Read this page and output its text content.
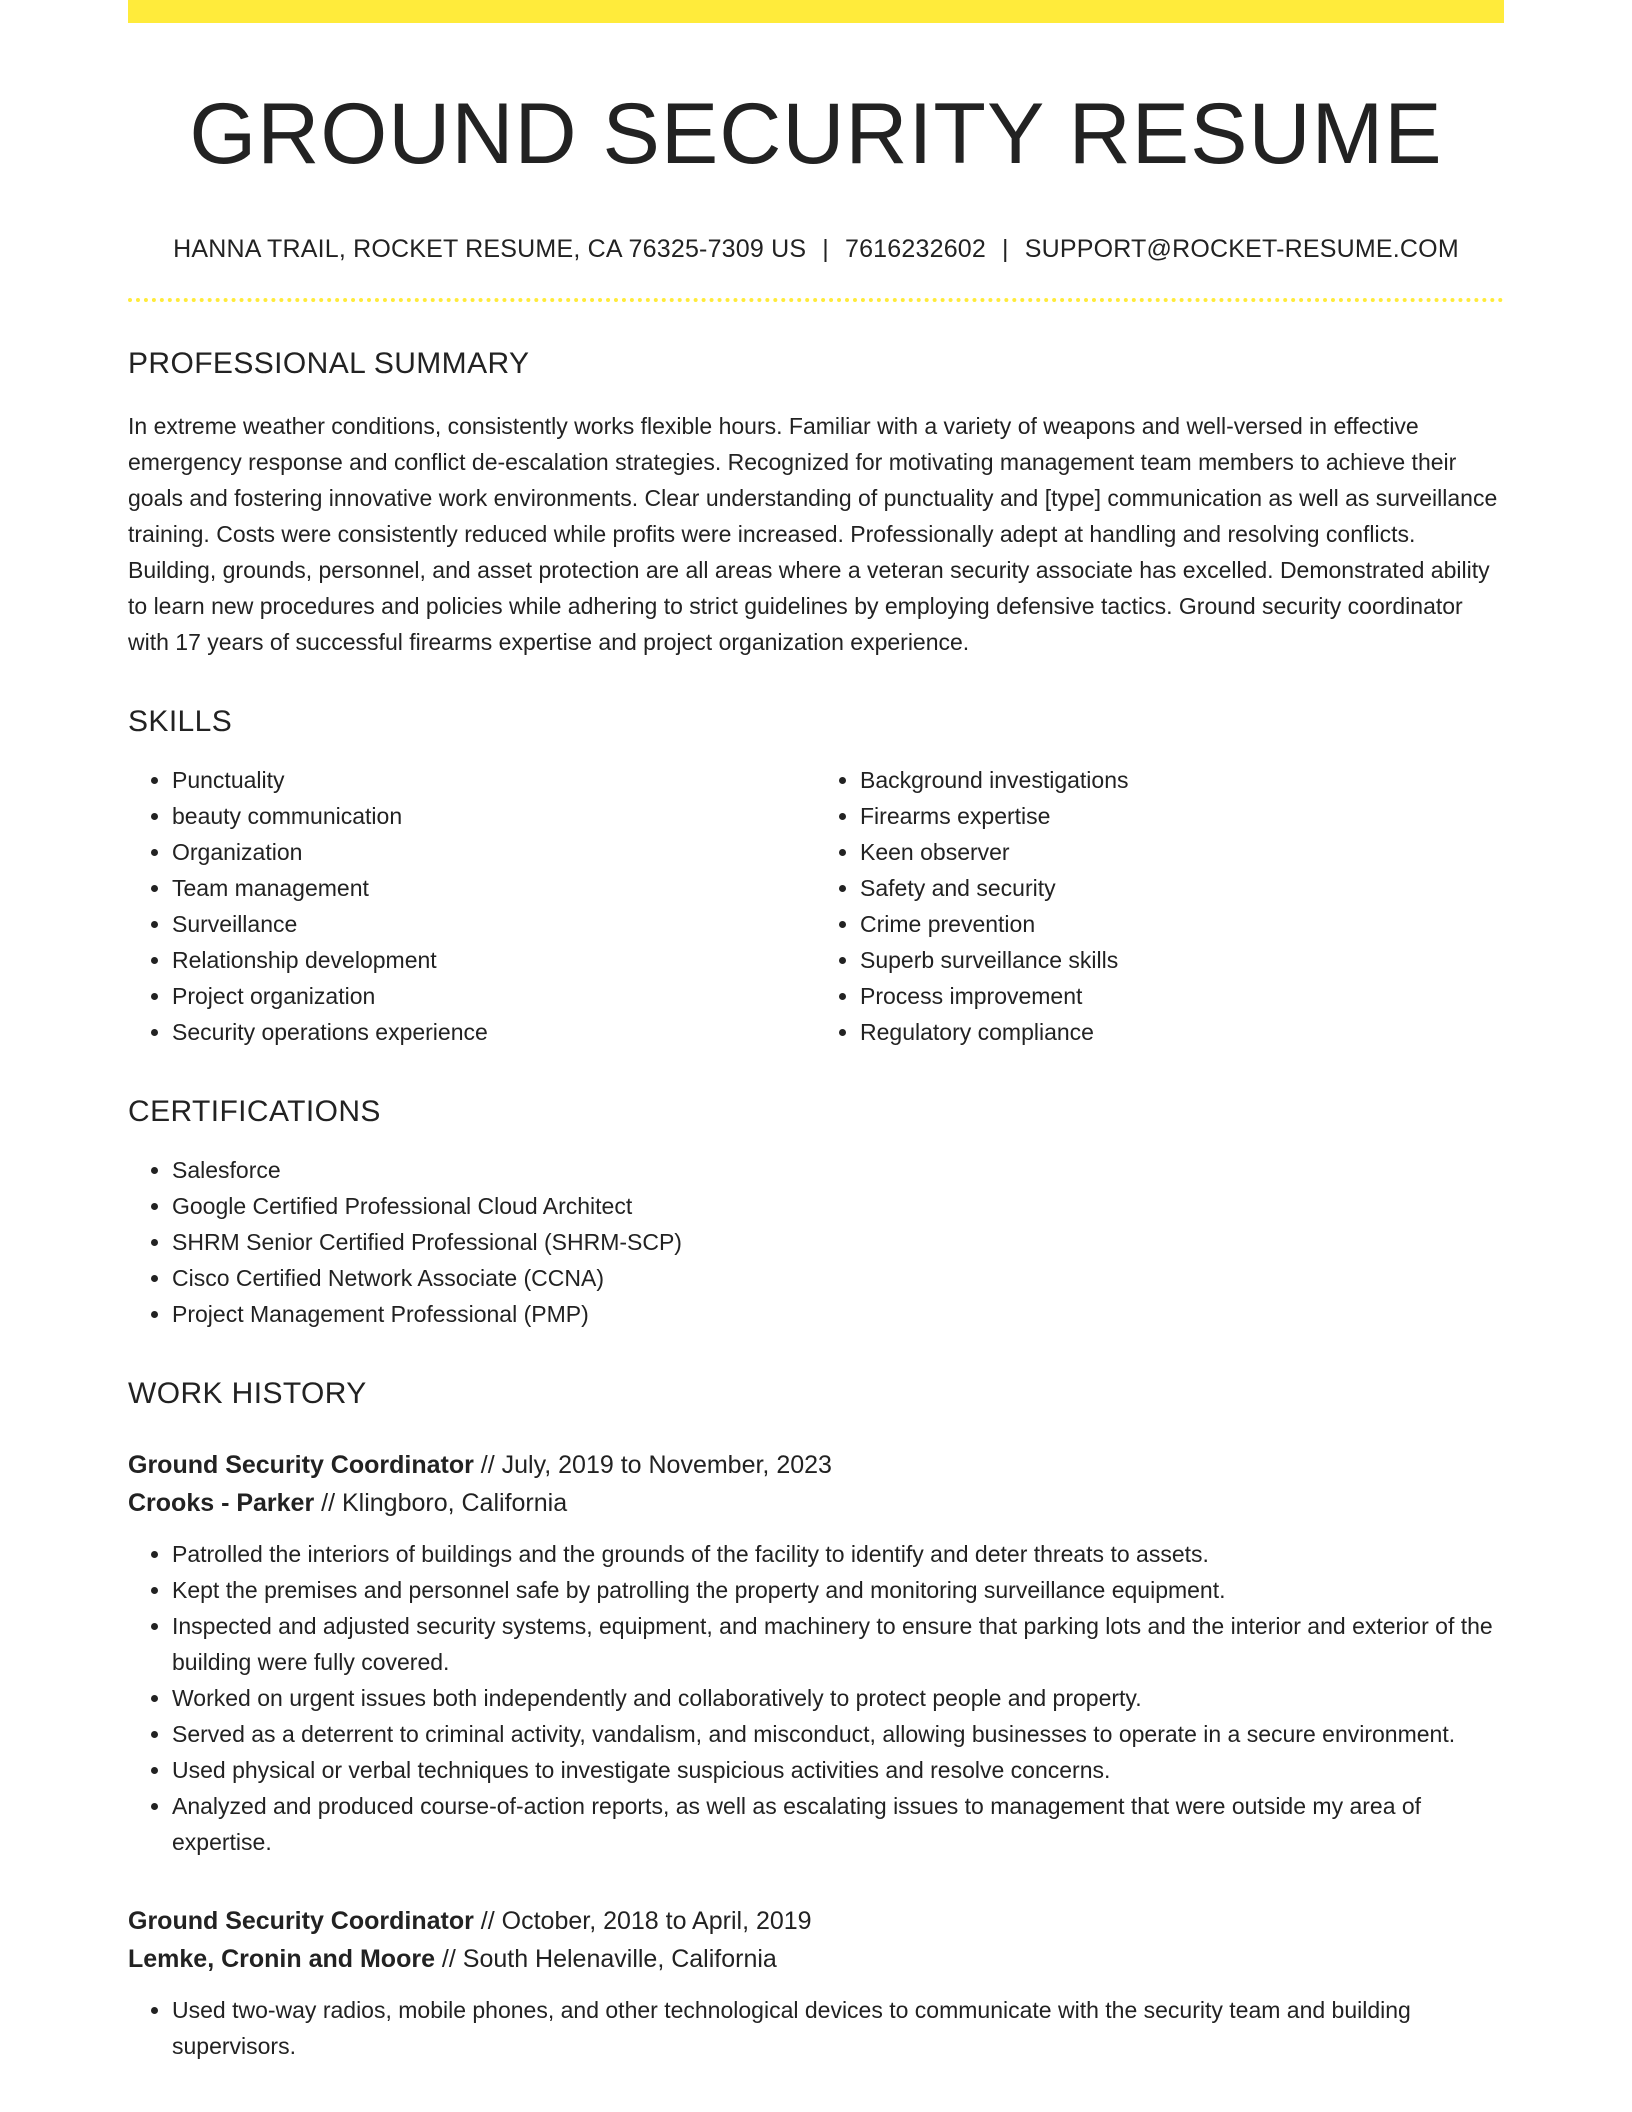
GROUND SECURITY RESUME
HANNA TRAIL, ROCKET RESUME, CA 76325-7309 US | 7616232602 | SUPPORT@ROCKET-RESUME.COM
PROFESSIONAL SUMMARY

In extreme weather conditions, consistently works flexible hours. Familiar with a variety of weapons and well-versed in effective emergency response and conflict de-escalation strategies. Recognized for motivating management team members to achieve their goals and fostering innovative work environments. Clear understanding of punctuality and [type] communication as well as surveillance training. Costs were consistently reduced while profits were increased. Professionally adept at handling and resolving conflicts. Building, grounds, personnel, and asset protection are all areas where a veteran security associate has excelled. Demonstrated ability to learn new procedures and policies while adhering to strict guidelines by employing defensive tactics. Ground security coordinator with 17 years of successful firearms expertise and project organization experience.

SKILLS
• Punctuality
• beauty communication
• Organization
• Team management
• Surveillance
• Relationship development
• Project organization
• Security operations experience
• Background investigations
• Firearms expertise
• Keen observer
• Safety and security
• Crime prevention
• Superb surveillance skills
• Process improvement
• Regulatory compliance
CERTIFICATIONS
• Salesforce
• Google Certified Professional Cloud Architect
• SHRM Senior Certified Professional (SHRM-SCP)
• Cisco Certified Network Associate (CCNA)
• Project Management Professional (PMP)
WORK HISTORY
Ground Security Coordinator // July, 2019 to November, 2023
Crooks - Parker // Klingboro, California
• Patrolled the interiors of buildings and the grounds of the facility to identify and deter threats to assets.
• Kept the premises and personnel safe by patrolling the property and monitoring surveillance equipment.
• Inspected and adjusted security systems, equipment, and machinery to ensure that parking lots and the interior and exterior of the building were fully covered.
• Worked on urgent issues both independently and collaboratively to protect people and property.
• Served as a deterrent to criminal activity, vandalism, and misconduct, allowing businesses to operate in a secure environment.
• Used physical or verbal techniques to investigate suspicious activities and resolve concerns.
• Analyzed and produced course-of-action reports, as well as escalating issues to management that were outside my area of expertise.
Ground Security Coordinator // October, 2018 to April, 2019
Lemke, Cronin and Moore // South Helenaville, California
• Used two-way radios, mobile phones, and other technological devices to communicate with the security team and building supervisors.
